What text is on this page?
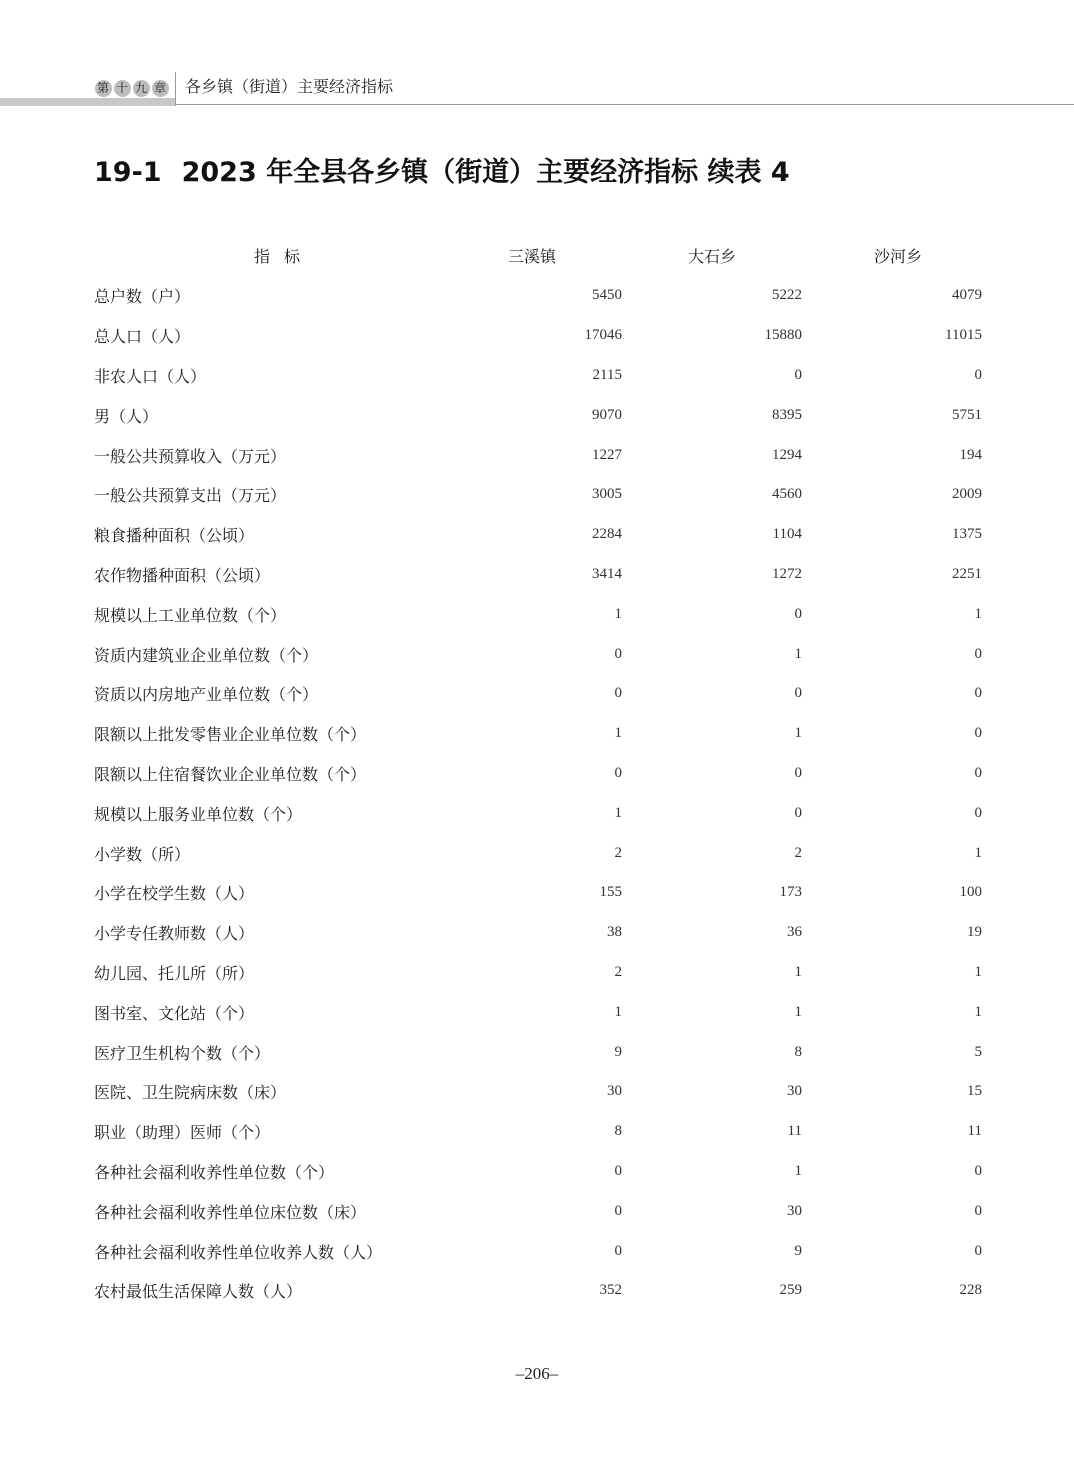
第 十 九 章 各乡镇（街道）主要经济指标
19-1 2023 年全县各乡镇（街道）主要经济指标 续表 4
指标	三溪镇	大石乡	沙河乡
总户数（户）	5450	5222	4079
总人口（人）	17046	15880	11015
非农人口（人）	2115	0	0
男（人）	9070	8395	5751
一般公共预算收入（万元）	1227	1294	194
一般公共预算支出（万元）	3005	4560	2009
粮食播种面积（公顷）	2284	1104	1375
农作物播种面积（公顷）	3414	1272	2251
规模以上工业单位数（个）	1	0	1
资质内建筑业企业单位数（个）	0	1	0
资质以内房地产业单位数（个）	0	0	0
限额以上批发零售业企业单位数（个）	1	1	0
限额以上住宿餐饮业企业单位数（个）	0	0	0
规模以上服务业单位数（个）	1	0	0
小学数（所）	2	2	1
小学在校学生数（人）	155	173	100
小学专任教师数（人）	38	36	19
幼儿园、托儿所（所）	2	1	1
图书室、文化站（个）	1	1	1
医疗卫生机构个数（个）	9	8	5
医院、卫生院病床数（床）	30	30	15
职业（助理）医师（个）	8	11	11
各种社会福利收养性单位数（个）	0	1	0
各种社会福利收养性单位床位数（床）	0	30	0
各种社会福利收养性单位收养人数（人）	0	9	0
农村最低生活保障人数（人）	352	259	228
–206–
